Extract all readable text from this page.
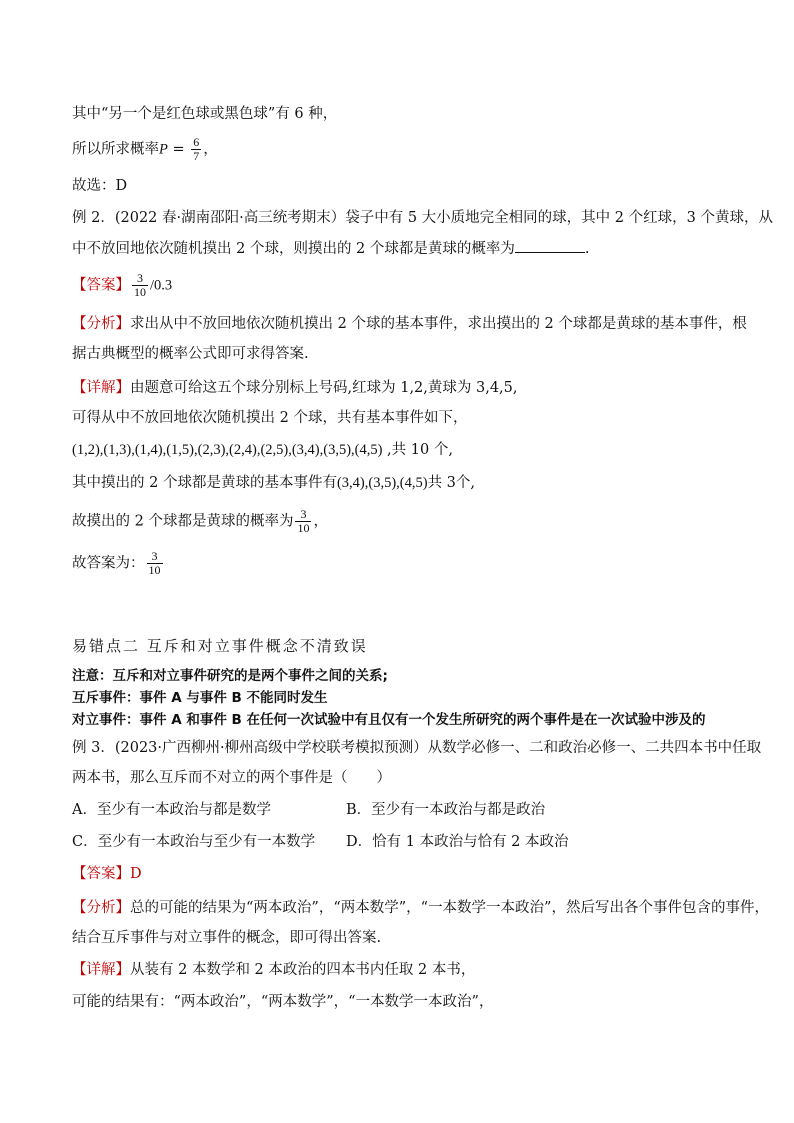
其中“另一个是红色球或黑色球”有 6 种，
所以所求概率$P = \frac{6}{7}$ ，
故选：D
例 2．(2022 春·湖南邵阳·高三统考期末）袋子中有 5 大小质地完全相同的球，其中 2 个红球，3 个黄球，从
中不放回地依次随机摸出 2 个球，则摸出的 2 个球都是黄球的概率为	.
【答案】 $\frac{3}{10} /0.3$
【分析】求出从中不放回地依次随机摸出 2 个球的基本事件，求出摸出的 2 个球都是黄球的基本事件，根
据古典概型的概率公式即可求得答案.
【详解】由题意可给这五个球分别标上号码,红球为 1,2,黄球为 3,4,5,
可得从中不放回地依次随机摸出 2 个球，共有基本事件如下，
(1,2),(1,3),(1,4),(1,5),(2,3),(2,4),(2,5),(3,4),(3,5),(4,5) ,共 10 个,
其中摸出的 2 个球都是黄球的基本事件有(3,4),(3,5),(4,5)共 3个,
故摸出的 2 个球都是黄球的概率为 $\frac{3}{10}$ ，
故答案为： $\frac{3}{10}$
易错点二 互斥和对立事件概念不清致误
注意：互斥和对立事件研究的是两个事件之间的关系;
互斥事件：事件 A 与事件 B 不能同时发生
对立事件：事件 A 和事件 B 在任何一次试验中有且仅有一个发生所研究的两个事件是在一次试验中涉及的
例 3．(2023·广西柳州·柳州高级中学校联考模拟预测）从数学必修一、二和政治必修一、二共四本书中任取
两本书，那么互斥而不对立的两个事件是（　　）
A．至少有一本政治与都是数学	B．至少有一本政治与都是政治
C．至少有一本政治与至少有一本数学 D．恰有 1 本政治与恰有 2 本政治
【答案】D
【分析】总的可能的结果为“两本政治”，“两本数学”，“一本数学一本政治”，然后写出各个事件包含的事件，
结合互斥事件与对立事件的概念，即可得出答案.
【详解】从装有 2 本数学和 2 本政治的四本书内任取 2 本书，
可能的结果有：“两本政治”，“两本数学”，“一本数学一本政治”，
